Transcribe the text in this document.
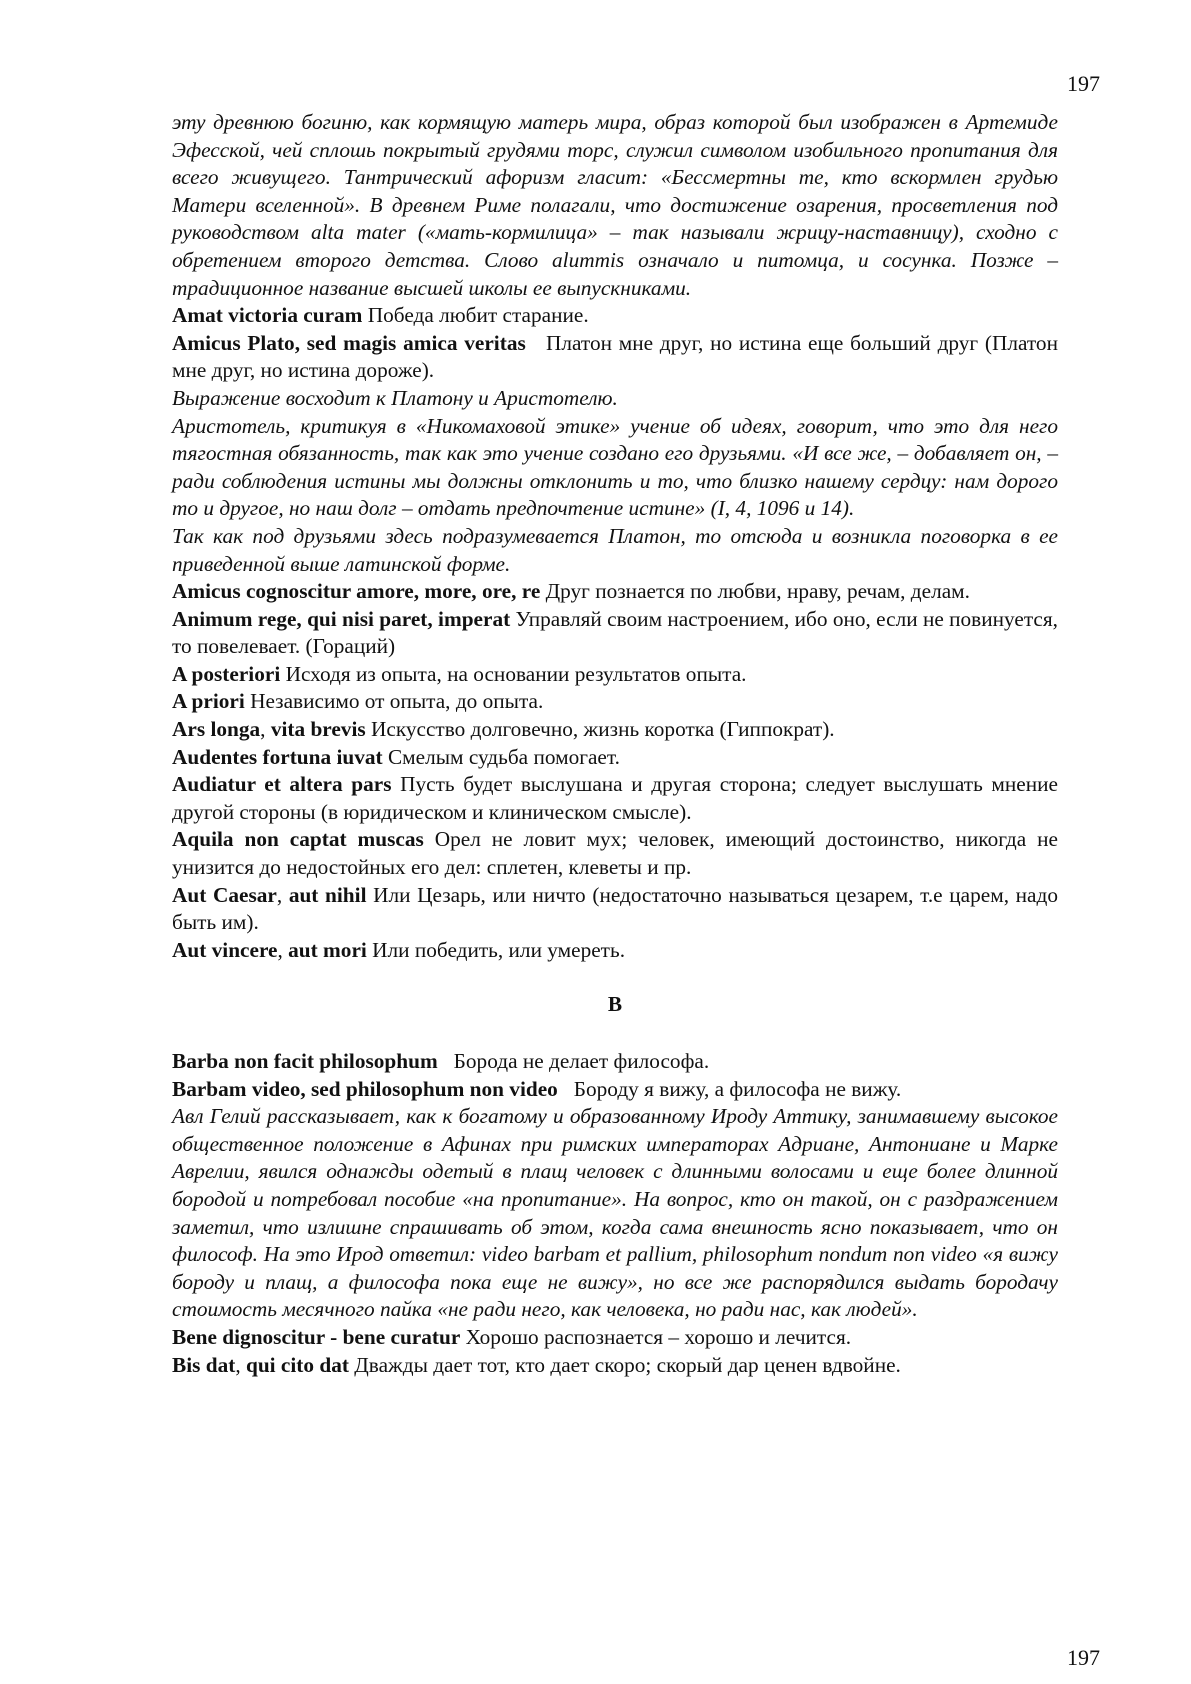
197

эту древнюю богиню, как кормящую матерь мира, образ которой был изображен в Артемиде Эфесской, чей сплошь покрытый грудями торс, служил символом изобильного пропитания для всего живущего. Тантрический афоризм гласит: «Бессмертны те, кто вскормлен грудью Матери вселенной». В древнем Риме полагали, что достижение озарения, просветления под руководством alta mater («мать-кормилица» – так называли жрицу-наставницу), сходно с обретением второго детства. Слово aluттis означало и питомца, и сосунка. Позже – традиционное название высшей школы ее выпускниками.

Amat victoria curam Победа любит старание.

Amicus Plato, sed magis amica veritas   Платон мне друг, но истина еще больший друг (Платон мне друг, но истина дороже).

Выражение восходит к Платону и Аристотелю.

Аристотель, критикуя в «Никомаховой этике» учение об идеях, говорит, что это для него тягостная обязанность, так как это учение создано его друзьями. «И все же, – добавляет он, – ради соблюдения истины мы должны отклонить и то, что близко нашему сердцу: нам дорого то и другое, но наш долг – отдать предпочтение истине» (I, 4, 1096 и 14).

Так как под друзьями здесь подразумевается Платон, то отсюда и возникла поговорка в ее приведенной выше латинской форме.

Amicus cognoscitur amore, more, ore, re Друг познается по любви, нраву, речам, делам.

Animum rege, qui nisi paret, imperat Управляй своим настроением, ибо оно, если не повинуется, то повелевает. (Гораций)

A posteriori Исходя из опыта, на основании результатов опыта.

A priori Независимо от опыта, до опыта.

Ars longa, vita brevis Искусство долговечно, жизнь коротка (Гиппократ).

Audentes fortuna iuvat Смелым судьба помогает.

Audiatur et altera pars Пусть будет выслушана и другая сторона; следует выслушать мнение другой стороны (в юридическом и клиническом смысле).

Aquila non captat muscas Орел не ловит мух; человек, имеющий достоинство, никогда не унизится до недостойных его дел: сплетен, клеветы и пр.

Aut Caesar, aut nihil Или Цезарь, или ничто (недостаточно называться цезарем, т.е царем, надо быть им).

Aut vincere, aut mori Или победить, или умереть.

B

Barba non facit philosophum   Борода не делает философа.

Barbam video, sed philosophum non video   Бороду я вижу, а философа не вижу.

Авл Гелий рассказывает, как к богатому и образованному Ироду Аттику, занимавшему высокое общественное положение в Афинах при римских императорах Адриане, Антониане и Марке Аврелии, явился однажды одетый в плащ человек с длинными волосами и еще более длинной бородой и потребовал пособие «на пропитание». На вопрос, кто он такой, он с раздражением заметил, что излишне спрашивать об этом, когда сама внешность ясно показывает, что он философ. На это Ирод ответил: video barbam et pallium, philosophum nondum non video «я вижу бороду и плащ, а философа пока еще не вижу», но все же распорядился выдать бородачу стоимость месячного пайка «не ради него, как человека, но ради нас, как людей».

Bene dignoscitur - bene curatur Хорошо распознается – хорошо и лечится.

Bis dat, qui cito dat Дважды дает тот, кто дает скоро; скорый дар ценен вдвойне.

197
